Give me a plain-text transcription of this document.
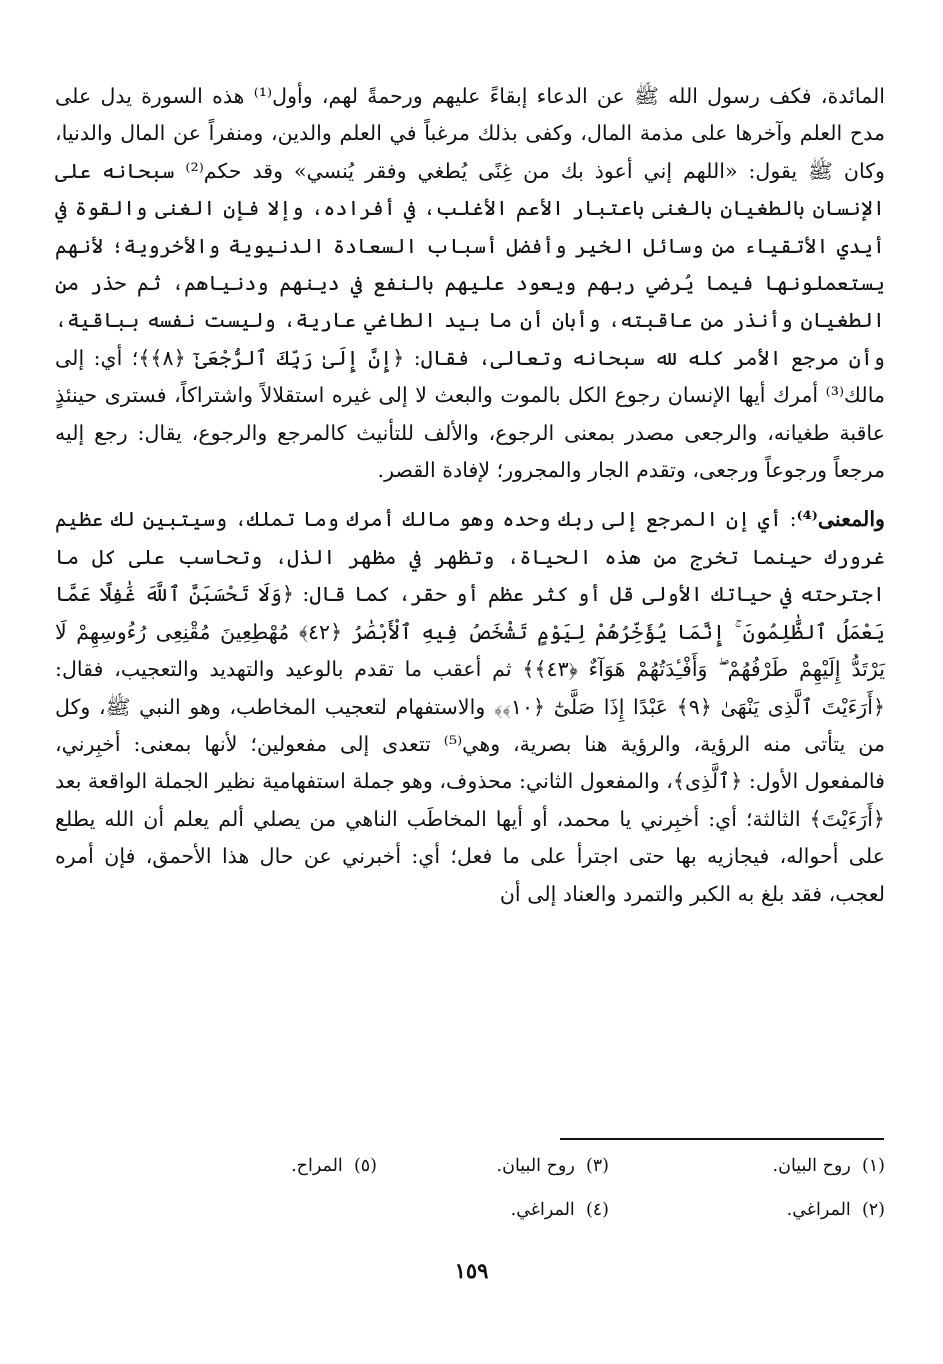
المائدة، فكف رسول الله ﷺ عن الدعاء إبقاءً عليهم ورحمةً لهم، وأول⁽¹⁾ هذه السورة يدل على مدح العلم وآخرها على مذمة المال، وكفى بذلك مرغباً في العلم والدين، ومنفراً عن المال والدنيا، وكان ﷺ يقول: «اللهم إني أعوذ بك من غِنًى يُطغي وفقر يُنسي» وقد حكم⁽²⁾ سبحانه على الإنسان بالطغيان بالغنى باعتبار الأعم الأغلب، في أفراده، وإلا فإن الغنى والقوة في أيدي الأتقياء من وسائل الخير وأفضل أسباب السعادة الدنيوية والأخروية؛ لأنهم يستعملونها فيما يُرضي ربهم ويعود عليهم بالنفع في دينهم ودنياهم، ثم حذر من الطغيان وأنذر من عاقبته، وأبان أن ما بيد الطاغي عارية، وليست نفسه بباقية، وأن مرجع الأمر كله لله سبحانه وتعالى، فقال: ﴿إِنَّ إِلَىٰ رَبِّكَ ٱلرُّجْعَىٰٓ ﴿٨﴾﴾؛ أي: إلى مالك⁽³⁾ أمرك أيها الإنسان رجوع الكل بالموت والبعث لا إلى غيره استقلالاً واشتراكاً، فسترى حينئذٍ عاقبة طغيانه، والرجعى مصدر بمعنى الرجوع، والألف للتأنيث كالمرجع والرجوع، يقال: رجع إليه مرجعاً ورجوعاً ورجعى، وتقدم الجار والمجرور؛ لإفادة القصر.

والمعنى⁽⁴⁾: أي إن المرجع إلى ربك وحده وهو مالك أمرك وما تملك، وسيتبين لك عظيم غرورك حينما تخرج من هذه الحياة، وتظهر في مظهر الذل، وتحاسب على كل ما اجترحته في حياتك الأولى قل أو كثر عظم أو حقر، كما قال: ﴿وَلَا تَحْسَبَنَّ ٱللَّهَ غَٰفِلًا عَمَّا يَعْمَلُ ٱلظَّٰلِمُونَ ۚ إِنَّمَا يُؤَخِّرُهُمْ لِيَوْمٍ تَشْخَصُ فِيهِ ٱلْأَبْصَٰرُ ﴿٤٢﴾ مُهْطِعِينَ مُقْنِعِى رُءُوسِهِمْ لَا يَرْتَدُّ إِلَيْهِمْ طَرْفُهُمْ ۖ وَأَفْـِٔدَتُهُمْ هَوَآءٌ ﴿٤٣﴾﴾ ثم أعقب ما تقدم بالوعيد والتهديد والتعجيب، فقال: ﴿أَرَءَيْتَ ٱلَّذِى يَنْهَىٰ ﴿٩﴾ عَبْدًا إِذَا صَلَّىٰٓ ﴿١٠﴾﴾ والاستفهام لتعجيب المخاطب، وهو النبي ﷺ، وكل من يتأتى منه الرؤية، والرؤية هنا بصرية، وهي⁽⁵⁾ تتعدى إلى مفعولين؛ لأنها بمعنى: أخبِرني، فالمفعول الأول: ﴿ٱلَّذِى﴾، والمفعول الثاني: محذوف، وهو جملة استفهامية نظير الجملة الواقعة بعد ﴿أَرَءَيْتَ﴾ الثالثة؛ أي: أخبِرني يا محمد، أو أيها المخاطَب الناهي من يصلي ألم يعلم أن الله يطلع على أحواله، فيجازيه بها حتى اجترأ على ما فعل؛ أي: أخبرني عن حال هذا الأحمق، فإن أمره لعجب، فقد بلغ به الكبر والتمرد والعناد إلى أن

(١)  روح البيان.
(٣)  روح البيان.
(٥)  المراح.
(٢)  المراغي.
(٤)  المراغي.
١٥٩
